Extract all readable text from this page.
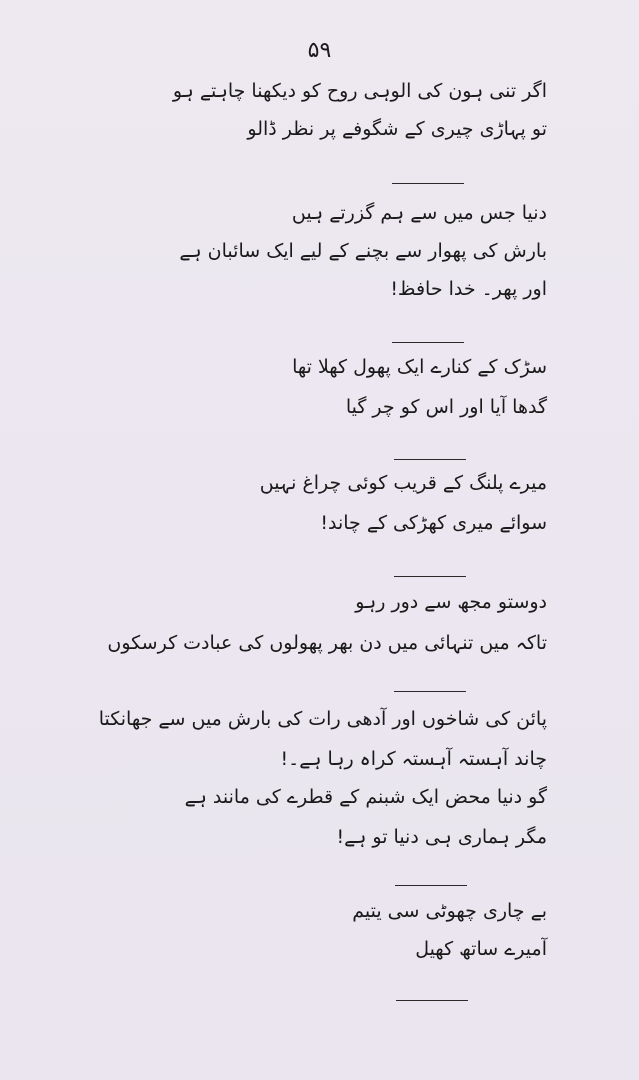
۵۹
اگر تنی ہون کی الوہی روح کو دیکھنا چاہتے ہو
تو پہاڑی چیری کے شگوفے پر نظر ڈالو
دنیا جس میں سے ہم گزرتے ہیں
بارش کی پھوار سے بچنے کے لیے ایک سائبان ہے
اور پھر۔ خدا حافظ!
سڑک کے کنارے ایک پھول کھلا تھا
گدھا آیا اور اس کو چر گیا
میرے پلنگ کے قریب کوئی چراغ نہیں
سوائے میری کھڑکی کے چاند!
دوستو مجھ سے دور رہو
تاکہ میں تنہائی میں دن بھر پھولوں کی عبادت کرسکوں
پائن کی شاخوں اور آدھی رات کی بارش میں سے جھانکتا
چاند آہستہ آہستہ کراہ رہا ہے۔!
گو دنیا محض ایک شبنم کے قطرے کی مانند ہے
مگر ہماری ہی دنیا تو ہے!
بے چاری چھوٹی سی یتیم
آمیرے ساتھ کھیل
